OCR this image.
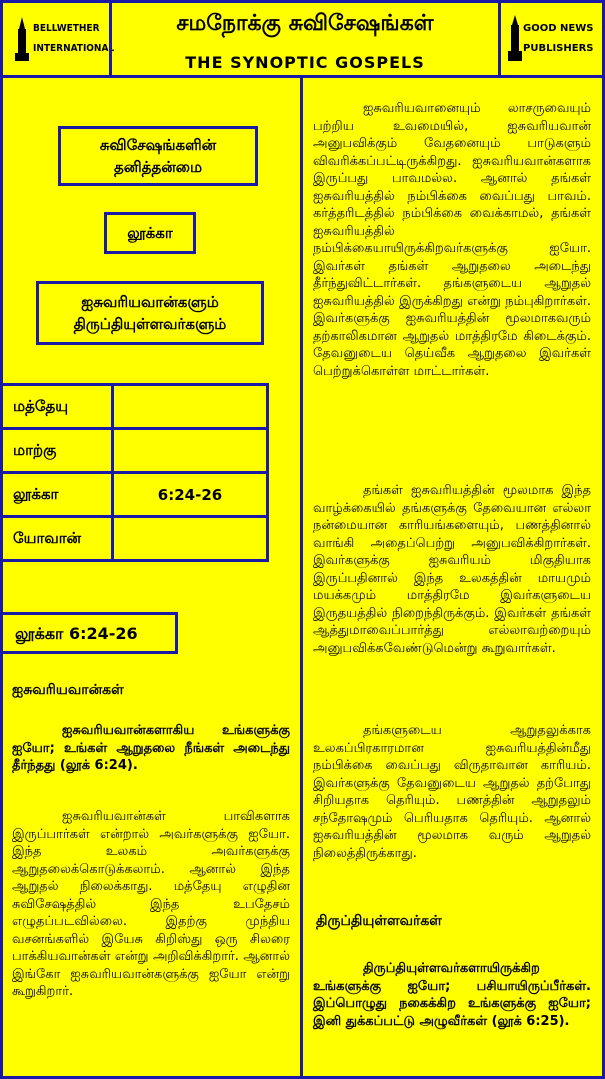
BELLWETHER
INTERNATIONAL
சமநோக்கு சுவிசேஷங்கள்
THE SYNOPTIC GOSPELS
GOOD NEWS
PUBLISHERS
சுவிசேஷங்களின் தனித்தன்மை
லூக்கா
ஐசுவரியவான்களும் திருப்தியுள்ளவர்களும்
மத்தேயு	
மாற்கு	
லூக்கா	6:24-26
யோவான்	
லூக்கா 6:24-26
ஐசுவரியவான்கள்
ஐசுவரியவான்களாகிய உங்களுக்கு ஐயோ; உங்கள் ஆறுதலை நீங்கள் அடைந்து தீர்ந்தது (லூக் 6:24).
ஐசுவரியவான்கள் பாவிகளாக இருப்பார்கள் என்றால் அவர்களுக்கு ஐயோ. இந்த உலகம் அவர்களுக்கு ஆறுதலைக்கொடுக்கலாம். ஆனால் இந்த ஆறுதல் நிலைக்காது. மத்தேயு எழுதின சுவிசேஷத்தில் இந்த உபதேசம் எழுதப்படவில்லை. இதற்கு முந்திய வசனங்களில் இயேசு கிறிஸ்து ஒரு சிலரை பாக்கியவான்கள் என்று அறிவிக்கிறார். ஆனால் இங்கோ ஐசுவரியவான்களுக்கு ஐயோ என்று கூறுகிறார்.
ஐசுவரியவானையும் லாசருவையும் பற்றிய உவமையில், ஐசுவரியவான் அனுபவிக்கும் வேதனையும் பாடுகளும் விவரிக்கப்பட்டிருக்கிறது. ஐசுவரியவான்களாக இருப்பது பாவமல்ல. ஆனால் தங்கள் ஐசுவரியத்தில் நம்பிக்கை வைப்பது பாவம். கர்த்தரிடத்தில் நம்பிக்கை வைக்காமல், தங்கள் ஐசுவரியத்தில் நம்பிக்கையாயிருக்கிறவர்களுக்கு ஐயோ. இவர்கள் தங்கள் ஆறுதலை அடைந்து தீர்ந்துவிட்டார்கள். தங்களுடைய ஆறுதல் ஐசுவரியத்தில் இருக்கிறது என்று நம்புகிறார்கள். இவர்களுக்கு ஐசுவரியத்தின் மூலமாகவரும் தற்காலிகமான ஆறுதல் மாத்திரமே கிடைக்கும். தேவனுடைய தெய்வீக ஆறுதலை இவர்கள் பெற்றுக்கொள்ள மாட்டார்கள்.
தங்கள் ஐசுவரியத்தின் மூலமாக இந்த வாழ்க்கையில் தங்களுக்கு தேவையான எல்லா நன்மையான காரியங்களையும், பணத்தினால் வாங்கி அதைப்பெற்று அனுபவிக்கிறார்கள். இவர்களுக்கு ஐசுவரியம் மிகுதியாக இருப்பதினால் இந்த உலகத்தின் மாயமும் மயக்கமும் மாத்திரமே இவர்களுடைய இருதயத்தில் நிறைந்திருக்கும். இவர்கள் தங்கள் ஆத்துமாவைப்பார்த்து எல்லாவற்றையும் அனுபவிக்கவேண்டுமென்று கூறுவார்கள்.
தங்களுடைய ஆறுதலுக்காக உலகப்பிரகாரமான ஐசுவரியத்தின்மீது நம்பிக்கை வைப்பது விருதாவான காரியம். இவர்களுக்கு தேவனுடைய ஆறுதல் தற்போது சிறியதாக தெரியும். பணத்தின் ஆறுதலும் சந்தோஷமும் பெரியதாக தெரியும். ஆனால் ஐசுவரியத்தின் மூலமாக வரும் ஆறுதல் நிலைத்திருக்காது.
திருப்தியுள்ளவர்கள்
திருப்தியுள்ளவர்களாயிருக்கிற உங்களுக்கு ஐயோ; பசியாயிருப்பீர்கள். இப்பொழுது நகைக்கிற உங்களுக்கு ஐயோ; இனி துக்கப்பட்டு அழுவீர்கள் (லூக் 6:25).
